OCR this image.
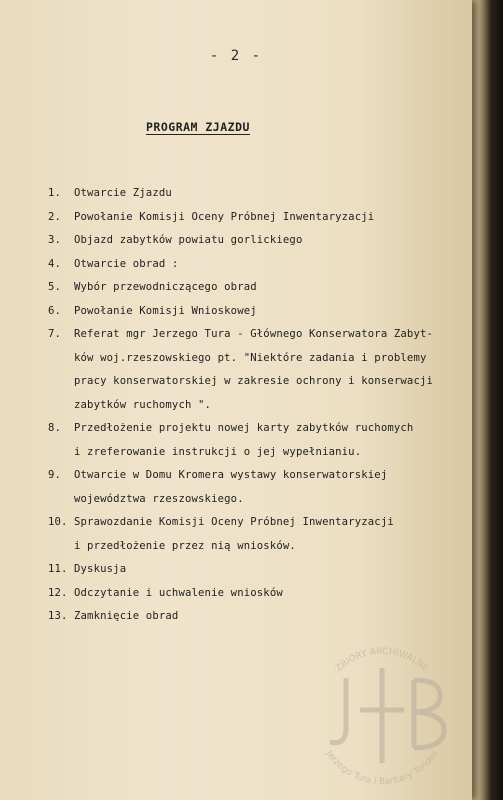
- 2 -
PROGRAM ZJAZDU
1.	Otwarcie Zjazdu
2.	Powołanie Komisji Oceny Próbnej Inwentaryzacji
3.	Objazd zabytków powiatu gorlickiego
4.	Otwarcie obrad :
5.	Wybór przewodniczącego obrad
6.	Powołanie Komisji Wnioskowej
7.	Referat mgr Jerzego Tura - Głównego Konserwatora Zabyt-
ków woj.rzeszowskiego pt. "Niektóre zadania i problemy
pracy konserwatorskiej w zakresie ochrony i konserwacji
zabytków ruchomych ".
8.	Przedłożenie projektu nowej karty zabytków ruchomych
i zreferowanie instrukcji o jej wypełnianiu.
9.	Otwarcie w Domu Kromera wystawy konserwatorskiej
województwa rzeszowskiego.
10. Sprawozdanie Komisji Oceny Próbnej Inwentaryzacji
i przedłożenie przez nią wniosków.
11. Dyskusja
12. Odczytanie i uchwalenie wniosków
13. Zamknięcie obrad
ZBIORY ARCHIWALNE
Jerzego Tura i Barbary Tondos
